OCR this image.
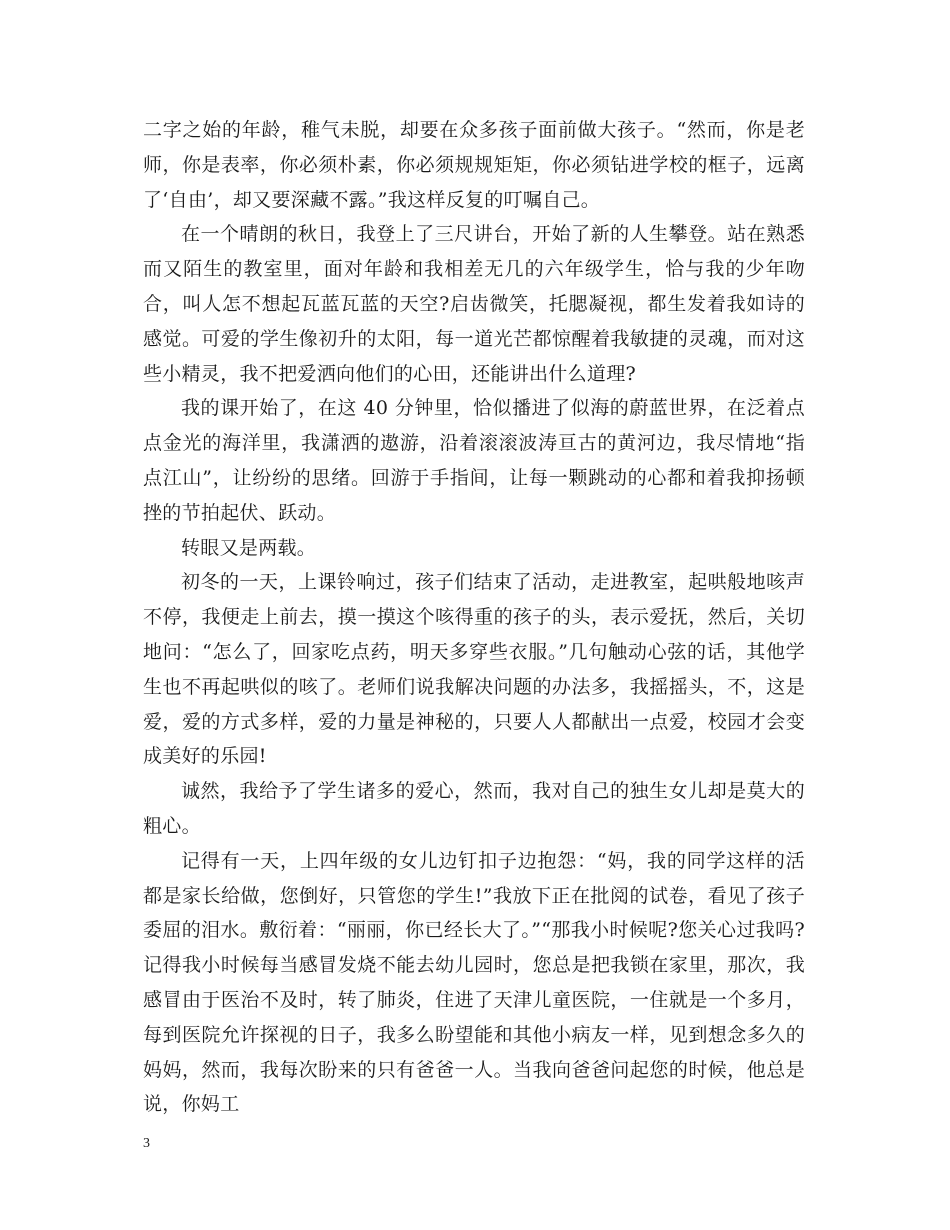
二字之始的年龄，稚气未脱，却要在众多孩子面前做大孩子。“然而，你是老师，你是表率，你必须朴素，你必须规规矩矩，你必须钻进学校的框子，远离了‘自由’，却又要深藏不露。”我这样反复的叮嘱自己。

在一个晴朗的秋日，我登上了三尺讲台，开始了新的人生攀登。站在熟悉而又陌生的教室里，面对年龄和我相差无几的六年级学生，恰与我的少年吻合，叫人怎不想起瓦蓝瓦蓝的天空?启齿微笑，托腮凝视，都生发着我如诗的感觉。可爱的学生像初升的太阳，每一道光芒都惊醒着我敏捷的灵魂，而对这些小精灵，我不把爱洒向他们的心田，还能讲出什么道理?

我的课开始了，在这 40 分钟里，恰似播进了似海的蔚蓝世界，在泛着点点金光的海洋里，我潇洒的遨游，沿着滚滚波涛亘古的黄河边，我尽情地“指点江山”，让纷纷的思绪。回游于手指间，让每一颗跳动的心都和着我抑扬顿挫的节拍起伏、跃动。

转眼又是两载。

初冬的一天，上课铃响过，孩子们结束了活动，走进教室，起哄般地咳声不停，我便走上前去，摸一摸这个咳得重的孩子的头，表示爱抚，然后，关切地问：“怎么了，回家吃点药，明天多穿些衣服。”几句触动心弦的话，其他学生也不再起哄似的咳了。老师们说我解决问题的办法多，我摇摇头，不，这是爱，爱的方式多样，爱的力量是神秘的，只要人人都献出一点爱，校园才会变成美好的乐园!

诚然，我给予了学生诸多的爱心，然而，我对自己的独生女儿却是莫大的粗心。

记得有一天，上四年级的女儿边钉扣子边抱怨：“妈，我的同学这样的活都是家长给做，您倒好，只管您的学生!”我放下正在批阅的试卷，看见了孩子委屈的泪水。敷衍着：“丽丽，你已经长大了。”“那我小时候呢?您关心过我吗?记得我小时候每当感冒发烧不能去幼儿园时，您总是把我锁在家里，那次，我感冒由于医治不及时，转了肺炎，住进了天津儿童医院，一住就是一个多月，每到医院允许探视的日子，我多么盼望能和其他小病友一样，见到想念多久的妈妈，然而，我每次盼来的只有爸爸一人。当我向爸爸问起您的时候，他总是说，你妈工

3
